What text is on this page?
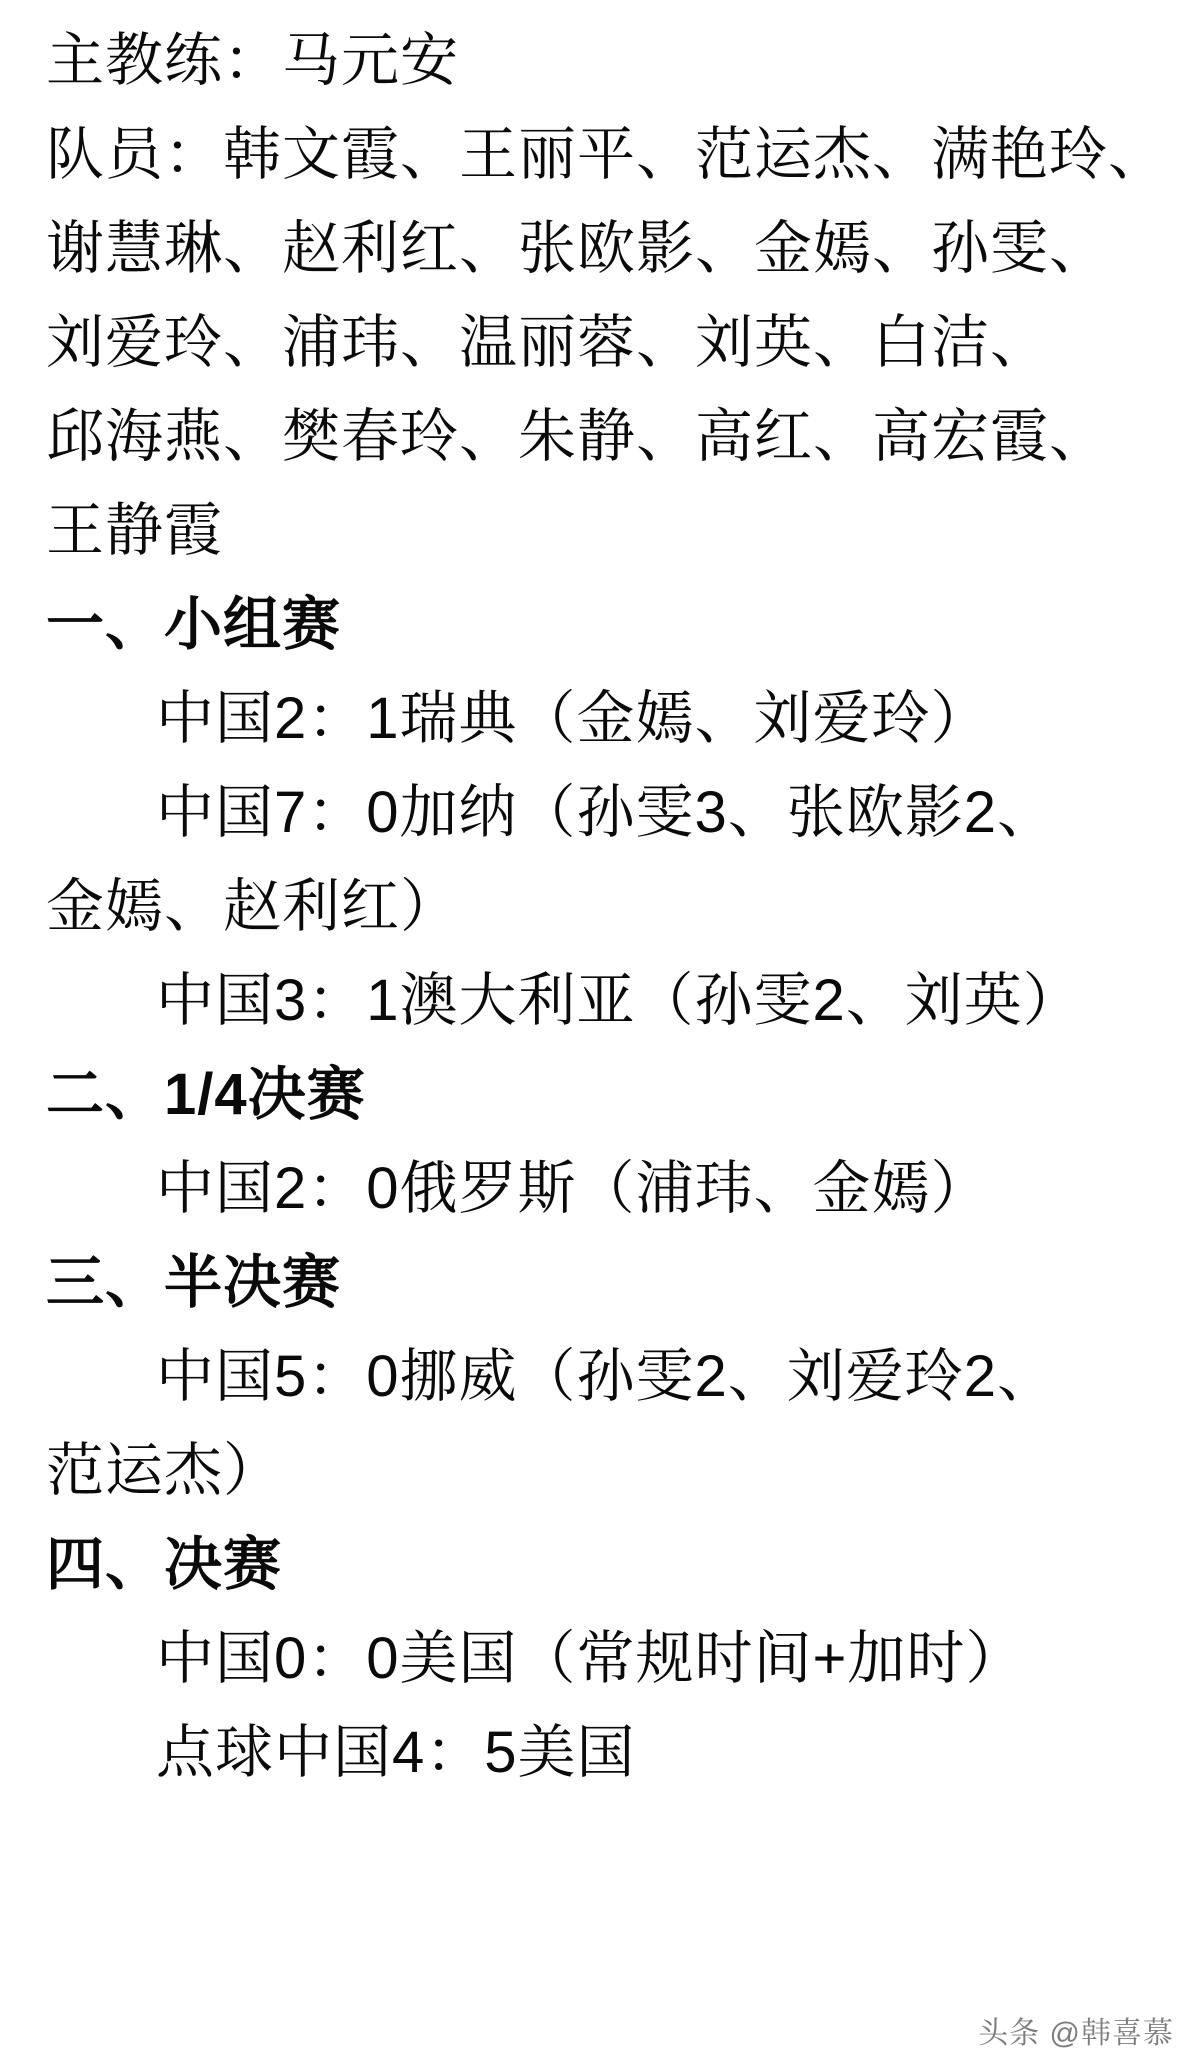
主教练：马元安
队员：韩文霞、王丽平、范运杰、满艳玲、
谢慧琳、赵利红、张欧影、金嫣、孙雯、
刘爱玲、浦玮、温丽蓉、刘英、白洁、
邱海燕、樊春玲、朱静、高红、高宏霞、
王静霞
一、小组赛
中国2：1瑞典（金嫣、刘爱玲）
中国7：0加纳（孙雯3、张欧影2、
金嫣、赵利红）
中国3：1澳大利亚（孙雯2、刘英）
二、1/4决赛
中国2：0俄罗斯（浦玮、金嫣）
三、半决赛
中国5：0挪威（孙雯2、刘爱玲2、
范运杰）
四、决赛
中国0：0美国（常规时间+加时）
点球中国4：5美国
头条 @韩喜慕
